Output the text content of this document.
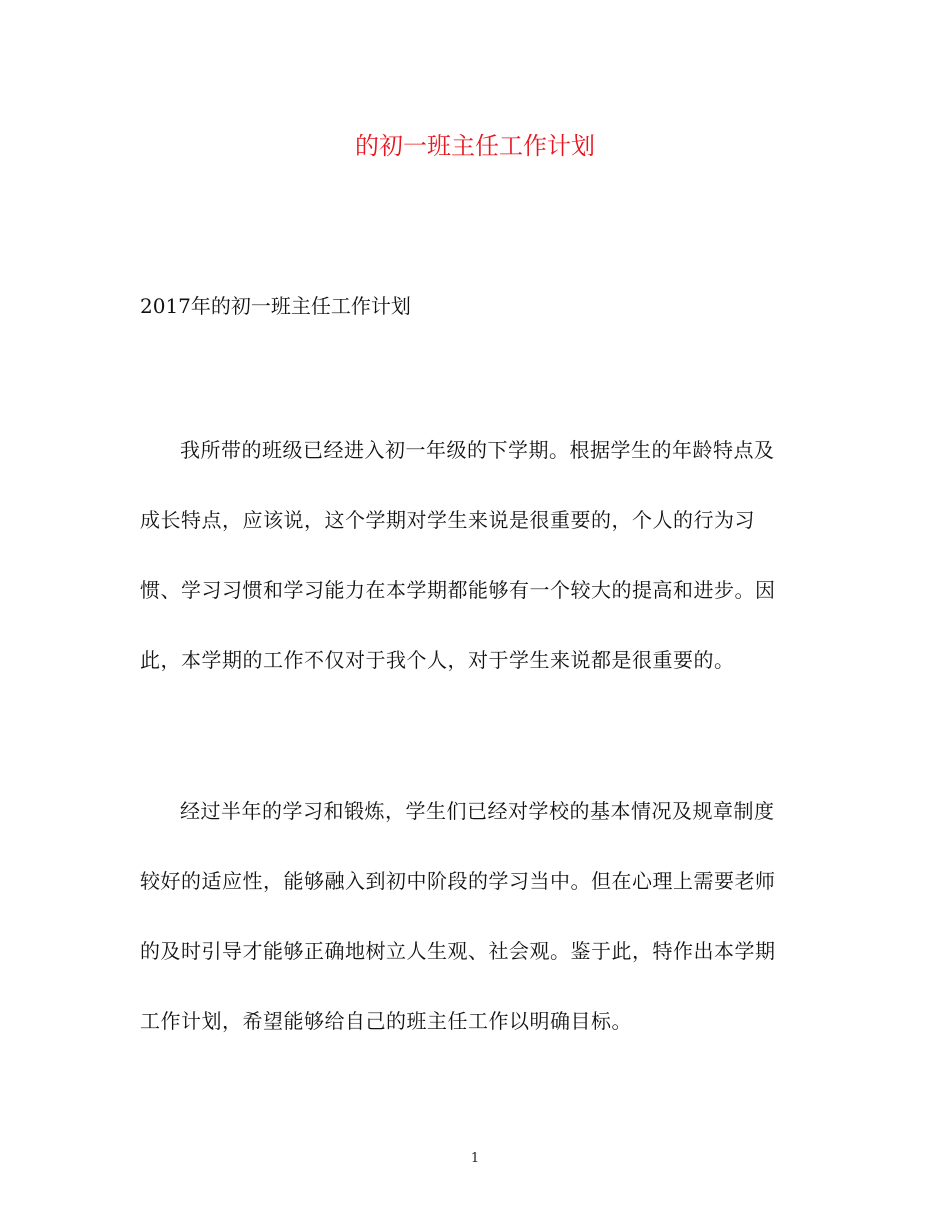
的初一班主任工作计划

2017年的初一班主任工作计划

我所带的班级已经进入初一年级的下学期。根据学生的年龄特点及
成长特点，应该说，这个学期对学生来说是很重要的，个人的行为习
惯、学习习惯和学习能力在本学期都能够有一个较大的提高和进步。因
此，本学期的工作不仅对于我个人，对于学生来说都是很重要的。
经过半年的学习和锻炼，学生们已经对学校的基本情况及规章制度
较好的适应性，能够融入到初中阶段的学习当中。但在心理上需要老师
的及时引导才能够正确地树立人生观、社会观。鉴于此，特作出本学期
工作计划，希望能够给自己的班主任工作以明确目标。
1
